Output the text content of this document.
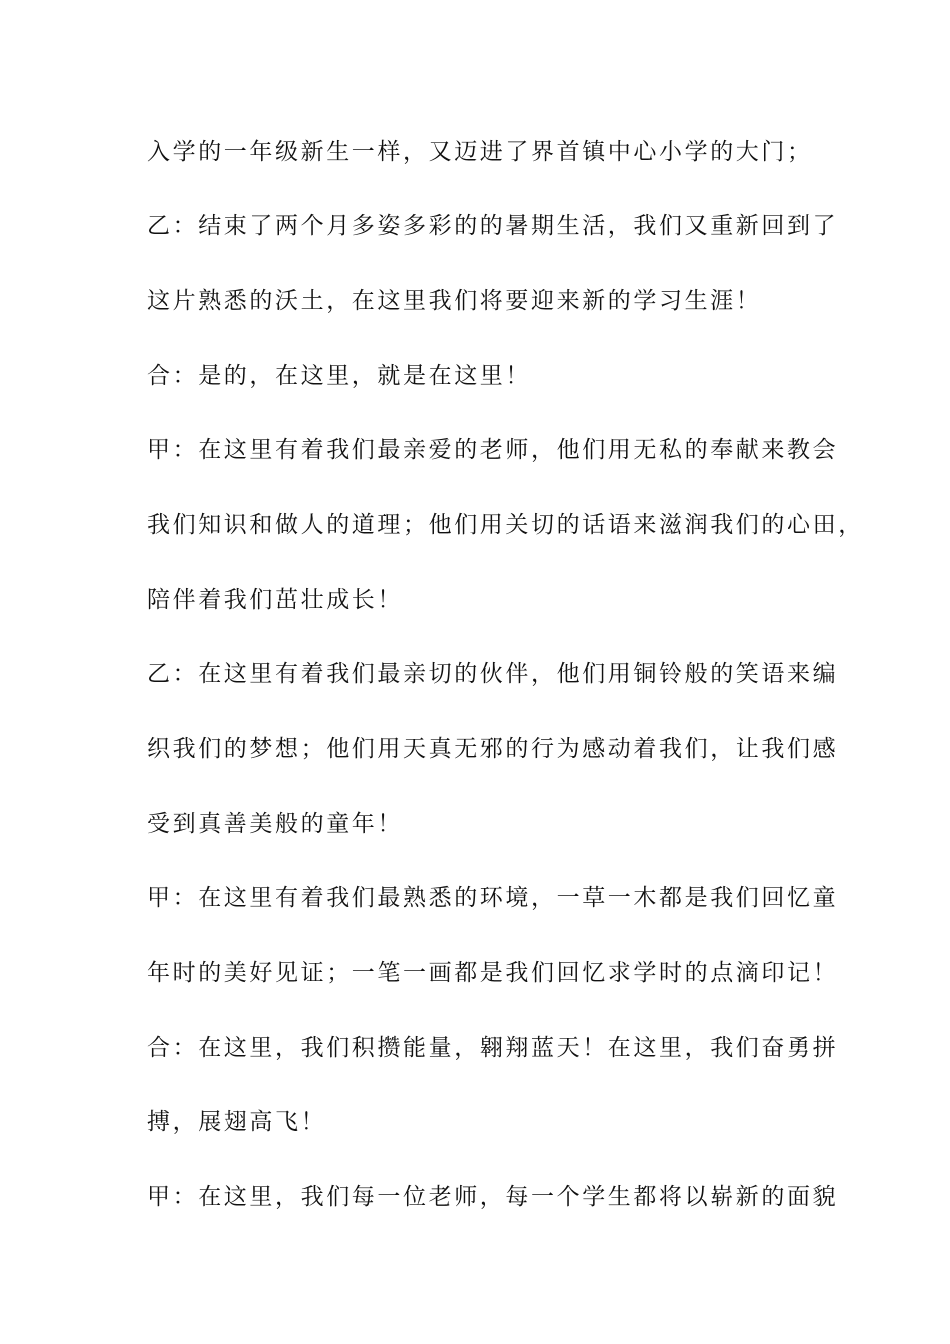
入学的一年级新生一样，又迈进了界首镇中心小学的大门；
乙：结束了两个月多姿多彩的的暑期生活，我们又重新回到了
这片熟悉的沃土，在这里我们将要迎来新的学习生涯！
合：是的，在这里，就是在这里！
甲：在这里有着我们最亲爱的老师，他们用无私的奉献来教会
我们知识和做人的道理；他们用关切的话语来滋润我们的心田，
陪伴着我们茁壮成长！
乙：在这里有着我们最亲切的伙伴，他们用铜铃般的笑语来编
织我们的梦想；他们用天真无邪的行为感动着我们，让我们感
受到真善美般的童年！
甲：在这里有着我们最熟悉的环境，一草一木都是我们回忆童
年时的美好见证；一笔一画都是我们回忆求学时的点滴印记！
合：在这里，我们积攒能量，翱翔蓝天！在这里，我们奋勇拼
搏，展翅高飞！
甲：在这里，我们每一位老师，每一个学生都将以崭新的面貌
